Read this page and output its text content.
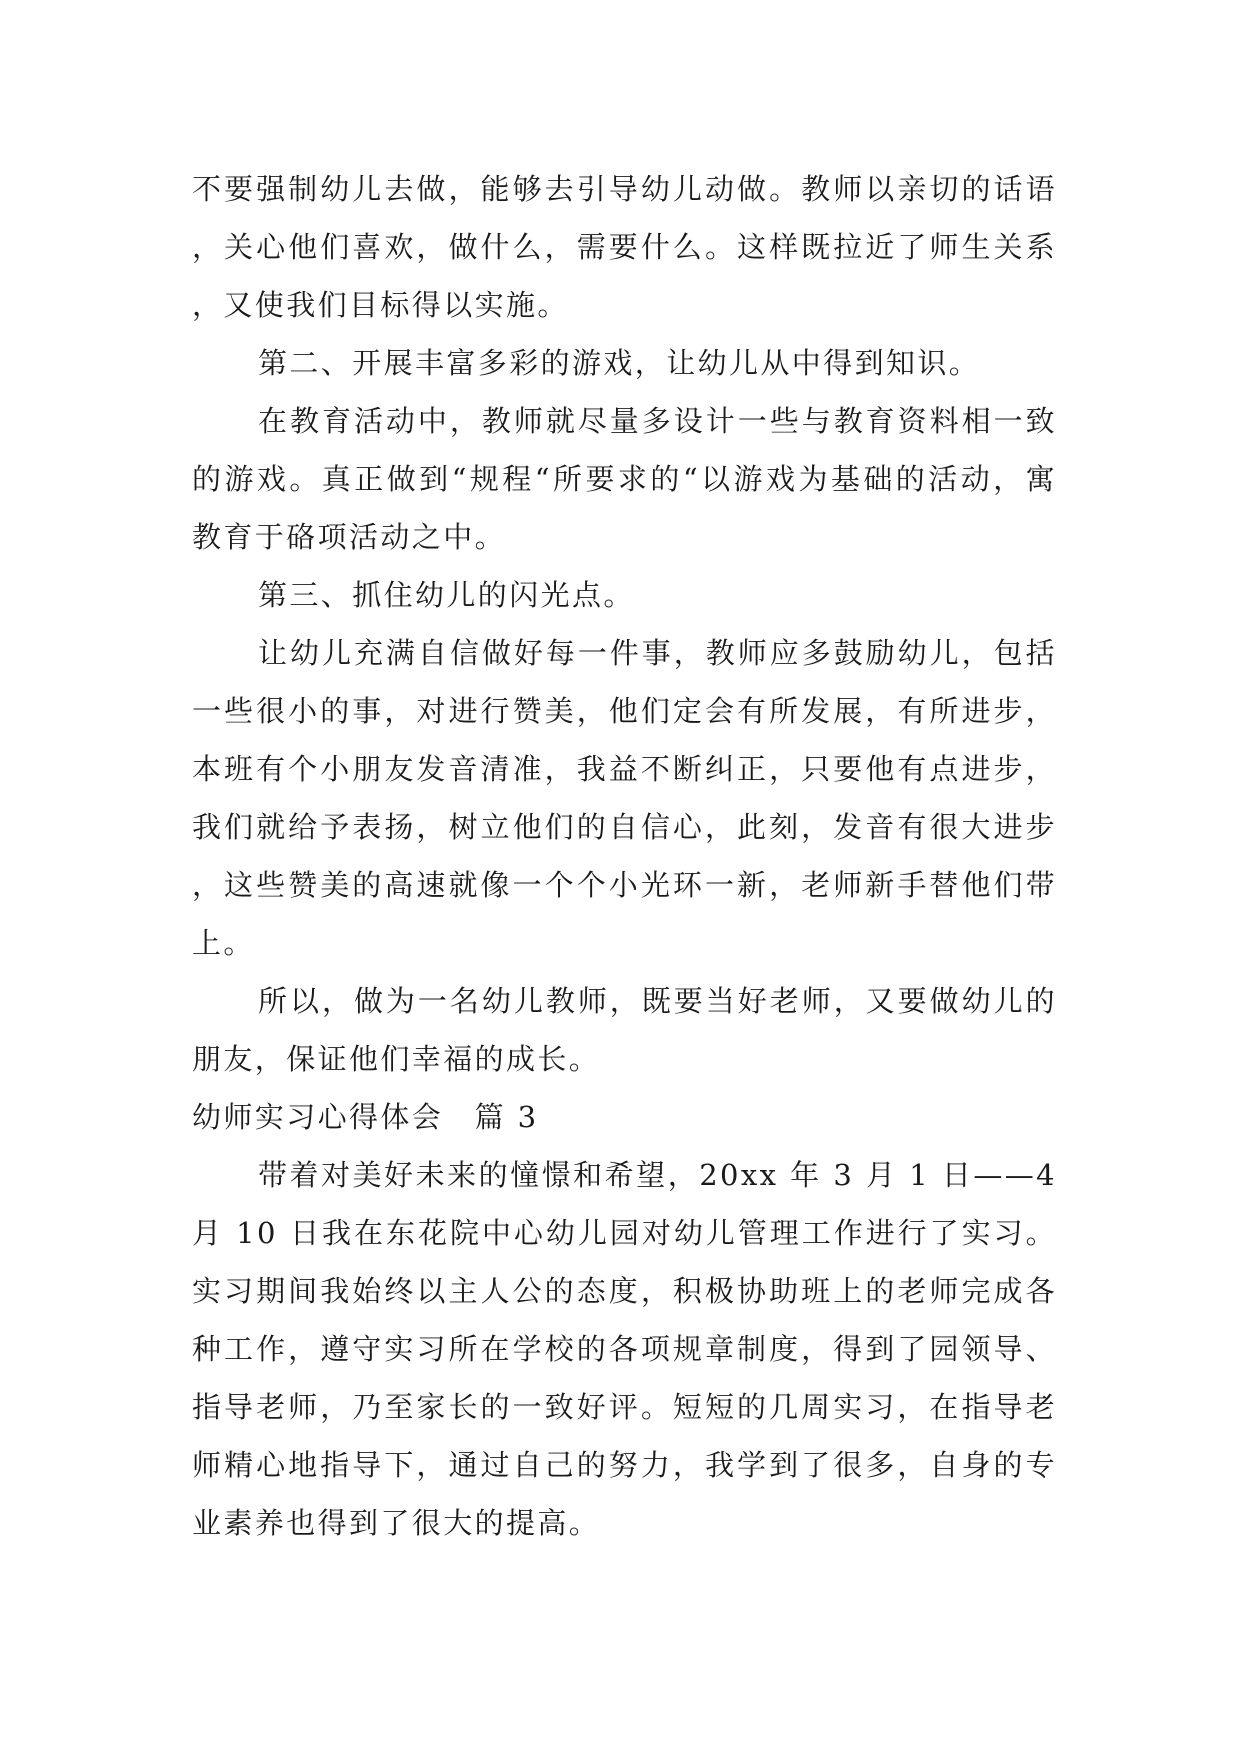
不要强制幼儿去做，能够去引导幼儿动做。教师以亲切的话语，关心他们喜欢，做什么，需要什么。这样既拉近了师生关系，又使我们目标得以实施。

第二、开展丰富多彩的游戏，让幼儿从中得到知识。

在教育活动中，教师就尽量多设计一些与教育资料相一致的游戏。真正做到“规程“所要求的“以游戏为基础的活动，寓教育于硌项活动之中。

第三、抓住幼儿的闪光点。

让幼儿充满自信做好每一件事，教师应多鼓励幼儿，包括一些很小的事，对进行赞美，他们定会有所发展，有所进步，本班有个小朋友发音清准，我益不断纠正，只要他有点进步，我们就给予表扬，树立他们的自信心，此刻，发音有很大进步，这些赞美的高速就像一个个小光环一新，老师新手替他们带上。

所以，做为一名幼儿教师，既要当好老师，又要做幼儿的朋友，保证他们幸福的成长。

幼师实习心得体会　篇 3

带着对美好未来的憧憬和希望，20xx 年 3 月 1 日——4 月 10 日我在东花院中心幼儿园对幼儿管理工作进行了实习。实习期间我始终以主人公的态度，积极协助班上的老师完成各种工作，遵守实习所在学校的各项规章制度，得到了园领导、指导老师，乃至家长的一致好评。短短的几周实习，在指导老师精心地指导下，通过自己的努力，我学到了很多，自身的专业素养也得到了很大的提高。
